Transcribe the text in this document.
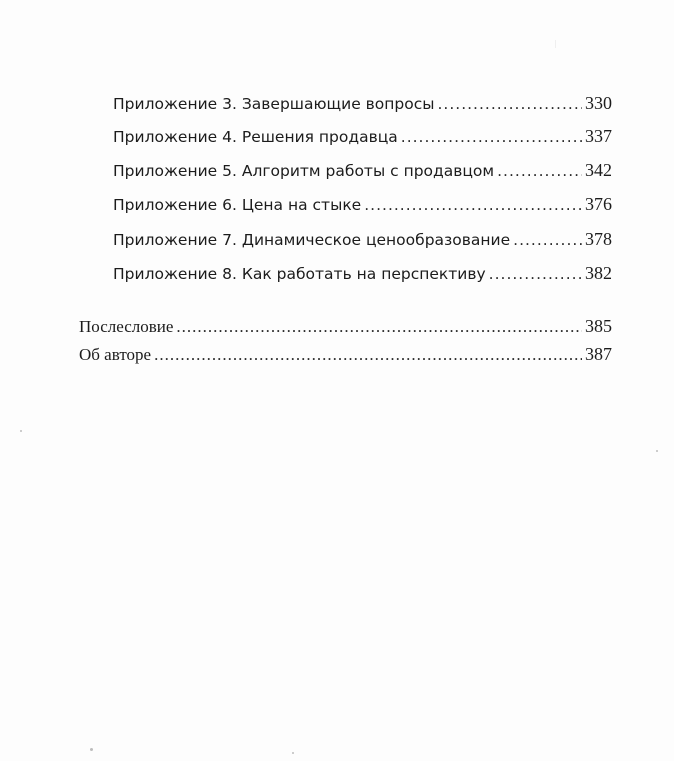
Приложение 3. Завершающие вопросы .....	330
Приложение 4. Решения продавца .....	337
Приложение 5. Алгоритм работы с продавцом .....	342
Приложение 6. Цена на стыке .....	376
Приложение 7. Динамическое ценообразование .....	378
Приложение 8. Как работать на перспективу .....	382
Послесловие .....	385
Об авторе .....	387
